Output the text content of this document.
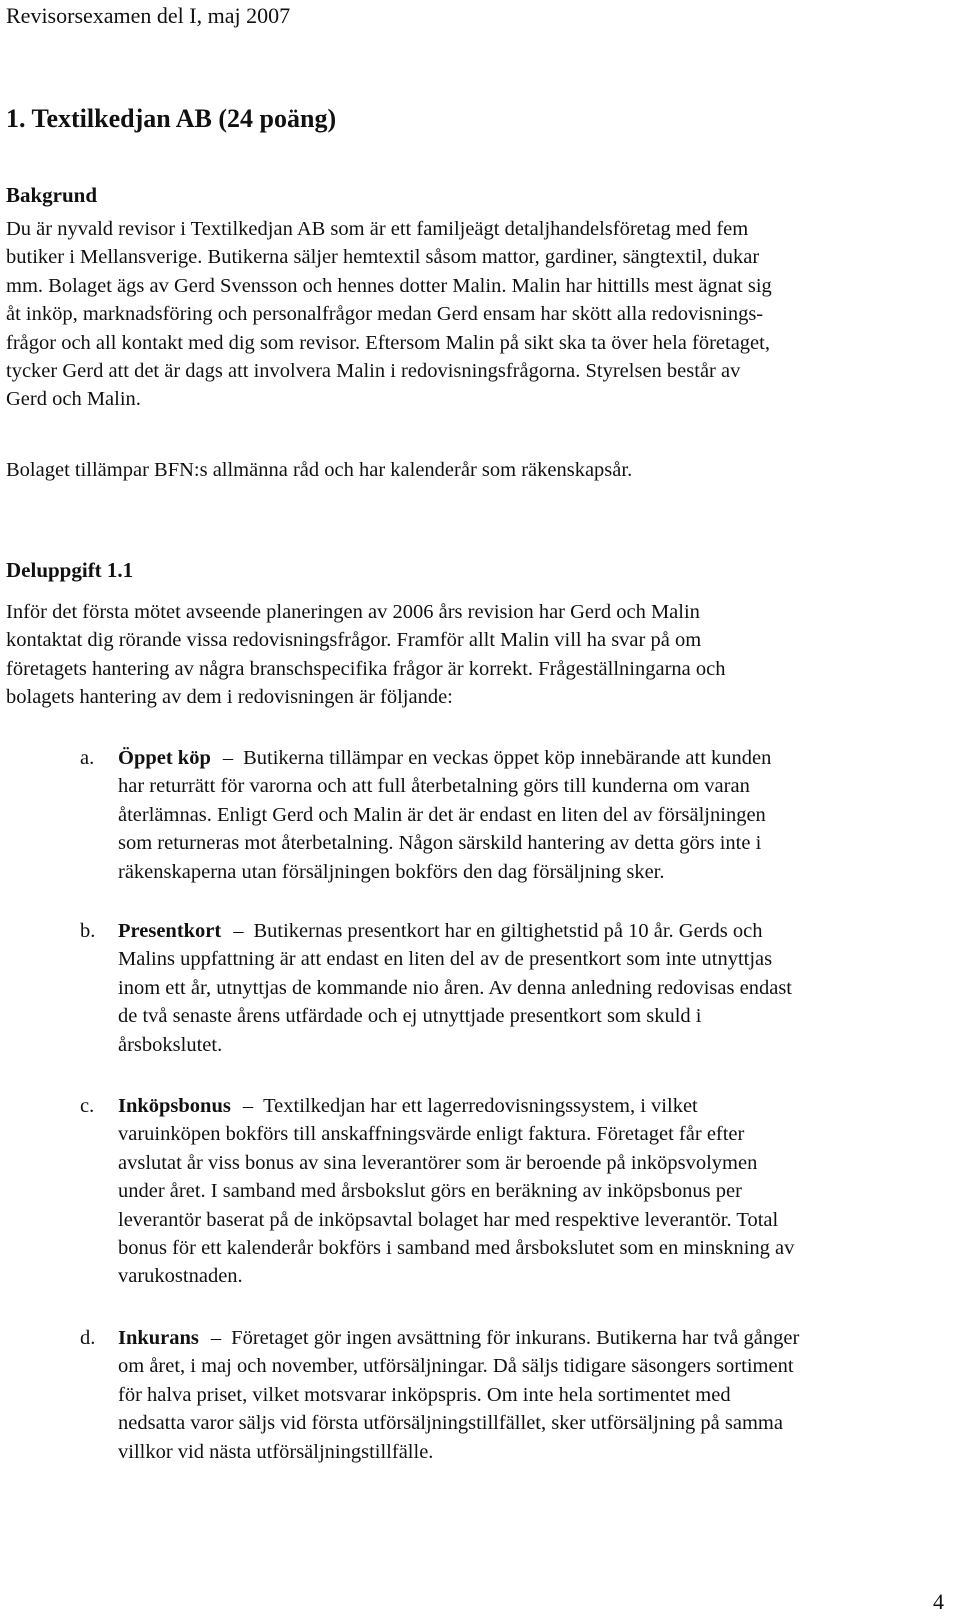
Revisorsexamen del I, maj 2007
1. Textilkedjan AB (24 poäng)
Bakgrund

Du är nyvald revisor i Textilkedjan AB som är ett familjeägt detaljhandelsföretag med fem
butiker i Mellansverige. Butikerna säljer hemtextil såsom mattor, gardiner, sängtextil, dukar
mm. Bolaget ägs av Gerd Svensson och hennes dotter Malin. Malin har hittills mest ägnat sig
åt inköp, marknadsföring och personalfrågor medan Gerd ensam har skött alla redovisnings-
frågor och all kontakt med dig som revisor. Eftersom Malin på sikt ska ta över hela företaget,
tycker Gerd att det är dags att involvera Malin i redovisningsfrågorna. Styrelsen består av
Gerd och Malin.

Bolaget tillämpar BFN:s allmänna råd och har kalenderår som räkenskapsår.

Deluppgift 1.1

Inför det första mötet avseende planeringen av 2006 års revision har Gerd och Malin
kontaktat dig rörande vissa redovisningsfrågor. Framför allt Malin vill ha svar på om
företagets hantering av några branschspecifika frågor är korrekt. Frågeställningarna och
bolagets hantering av dem i redovisningen är följande:

a. Öppet köp – Butikerna tillämpar en veckas öppet köp innebärande att kunden
har returrätt för varorna och att full återbetalning görs till kunderna om varan
återlämnas. Enligt Gerd och Malin är det är endast en liten del av försäljningen
som returneras mot återbetalning. Någon särskild hantering av detta görs inte i
räkenskaperna utan försäljningen bokförs den dag försäljning sker.
b. Presentkort – Butikernas presentkort har en giltighetstid på 10 år. Gerds och
Malins uppfattning är att endast en liten del av de presentkort som inte utnyttjas
inom ett år, utnyttjas de kommande nio åren. Av denna anledning redovisas endast
de två senaste årens utfärdade och ej utnyttjade presentkort som skuld i
årsbokslutet.
c. Inköpsbonus – Textilkedjan har ett lagerredovisningssystem, i vilket
varuinköpen bokförs till anskaffningsvärde enligt faktura. Företaget får efter
avslutat år viss bonus av sina leverantörer som är beroende på inköpsvolymen
under året. I samband med årsbokslut görs en beräkning av inköpsbonus per
leverantör baserat på de inköpsavtal bolaget har med respektive leverantör. Total
bonus för ett kalenderår bokförs i samband med årsbokslutet som en minskning av
varukostnaden.
d. Inkurans – Företaget gör ingen avsättning för inkurans. Butikerna har två gånger
om året, i maj och november, utförsäljningar. Då säljs tidigare säsongers sortiment
för halva priset, vilket motsvarar inköpspris. Om inte hela sortimentet med
nedsatta varor säljs vid första utförsäljningstillfället, sker utförsäljning på samma
villkor vid nästa utförsäljningstillfälle.
4
